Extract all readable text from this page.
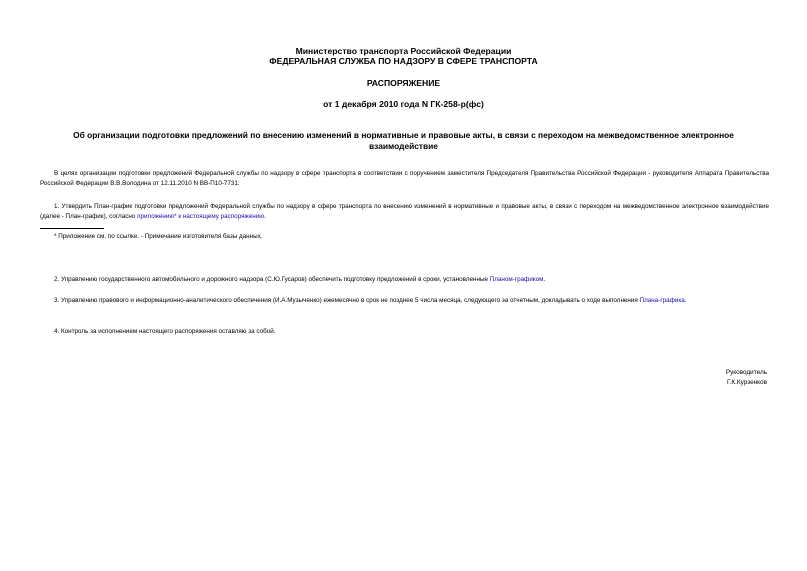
Министерство транспорта Российской Федерации
ФЕДЕРАЛЬНАЯ СЛУЖБА ПО НАДЗОРУ В СФЕРЕ ТРАНСПОРТА
РАСПОРЯЖЕНИЕ
от 1 декабря 2010 года N ГК-258-р(фс)
Об организации подготовки предложений по внесению изменений в нормативные и правовые акты, в связи с переходом на межведомственное электронное взаимодействие
В целях организации подготовки предложений Федеральной службы по надзору в сфере транспорта в соответствии с поручением заместителя Председателя Правительства Российской Федерации - руководителя Аппарата Правительства Российской Федерации В.В.Володина от 12.11.2010 N ВВ-П10-7731:
1. Утвердить План-график подготовки предложений Федеральной службы по надзору в сфере транспорта по внесению изменений в нормативные и правовые акты, в связи с переходом на межведомственное электронное взаимодействие (далее - План-график), согласно приложению* к настоящему распоряжению.
* Приложение см. по ссылке. - Примечание изготовителя базы данных.
2. Управлению государственного автомобильного и дорожного надзора (С.Ю.Гусаров) обеспечить подготовку предложений в сроки, установленные Планом-графиком.
3. Управлению правового и информационно-аналитического обеспечения (И.А.Музыченко) ежемесячно в срок не позднее 5 числа месяца, следующего за отчетным, докладывать о ходе выполнения Плана-графика.
4. Контроль за исполнением настоящего распоряжения оставляю за собой.
Руководитель
Г.К.Курзенков
